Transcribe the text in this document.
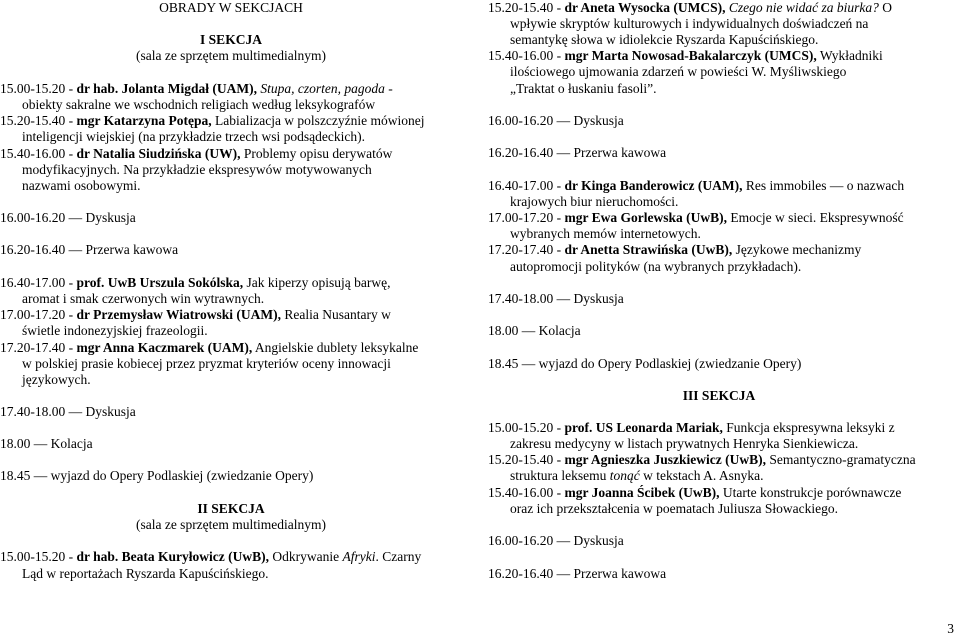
OBRADY W SEKCJACH
I SEKCJA
(sala ze sprzętem multimedialnym)
15.00-15.20 - dr hab. Jolanta Migdał (UAM), Stupa, czorten, pagoda -
obiekty sakralne we wschodnich religiach według leksykografów
15.20-15.40 - mgr Katarzyna Potępa, Labializacja w polszczyźnie mówionej
inteligencji wiejskiej (na przykładzie trzech wsi podsądeckich).
15.40-16.00 - dr Natalia Siudzińska (UW), Problemy opisu derywatów
modyfikacyjnych. Na przykładzie ekspresywów motywowanych
nazwami osobowymi.
16.00-16.20 — Dyskusja
16.20-16.40 — Przerwa kawowa
16.40-17.00 - prof. UwB Urszula Sokólska, Jak kiperzy opisują barwę,
aromat i smak czerwonych win wytrawnych.
17.00-17.20 - dr Przemysław Wiatrowski (UAM), Realia Nusantary w
świetle indonezyjskiej frazeologii.
17.20-17.40 - mgr Anna Kaczmarek (UAM), Angielskie dublety leksykalne
w polskiej prasie kobiecej przez pryzmat kryteriów oceny innowacji
językowych.
17.40-18.00 — Dyskusja
18.00 — Kolacja
18.45 — wyjazd do Opery Podlaskiej (zwiedzanie Opery)
II SEKCJA
(sala ze sprzętem multimedialnym)
15.00-15.20 - dr hab. Beata Kuryłowicz (UwB), Odkrywanie Afryki. Czarny
Ląd w reportażach Ryszarda Kapuścińskiego.
15.20-15.40 - dr Aneta Wysocka (UMCS), Czego nie widać za biurka? O
wpływie skryptów kulturowych i indywidualnych doświadczeń na
semantykę słowa w idiolekcie Ryszarda Kapuścińskiego.
15.40-16.00 - mgr Marta Nowosad-Bakalarczyk (UMCS), Wykładniki
ilościowego ujmowania zdarzeń w powieści W. Myśliwskiego
„Traktat o łuskaniu fasoli”.
16.00-16.20 — Dyskusja
16.20-16.40 — Przerwa kawowa
16.40-17.00 - dr Kinga Banderowicz (UAM), Res immobiles — o nazwach
krajowych biur nieruchomości.
17.00-17.20 - mgr Ewa Gorlewska (UwB), Emocje w sieci. Ekspresywność
wybranych memów internetowych.
17.20-17.40 - dr Anetta Strawińska (UwB), Językowe mechanizmy
autopromocji polityków (na wybranych przykładach).
17.40-18.00 — Dyskusja
18.00 — Kolacja
18.45 — wyjazd do Opery Podlaskiej (zwiedzanie Opery)
III SEKCJA
15.00-15.20 - prof. US Leonarda Mariak, Funkcja ekspresywna leksyki z
zakresu medycyny w listach prywatnych Henryka Sienkiewicza.
15.20-15.40 - mgr Agnieszka Juszkiewicz (UwB), Semantyczno-gramatyczna
struktura leksemu tonąć w tekstach A. Asnyka.
15.40-16.00 - mgr Joanna Ścibek (UwB), Utarte konstrukcje porównawcze
oraz ich przekształcenia w poematach Juliusza Słowackiego.
16.00-16.20 — Dyskusja
16.20-16.40 — Przerwa kawowa
3
